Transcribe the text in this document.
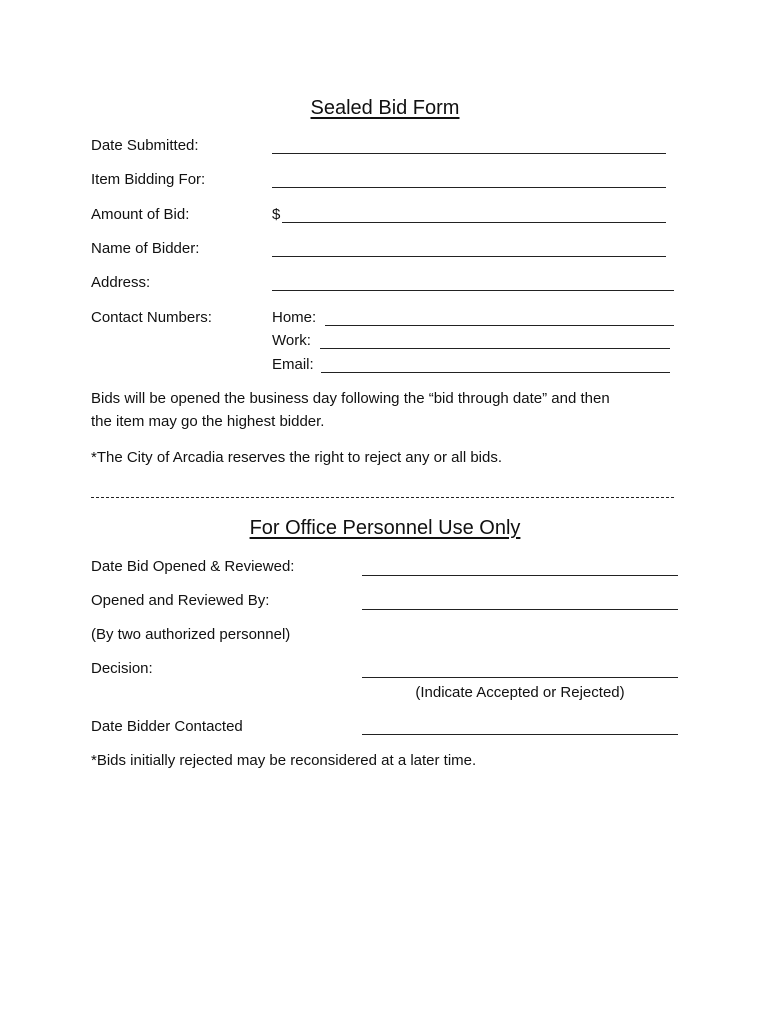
Sealed Bid Form
Date Submitted:
Item Bidding For:
Amount of Bid:	$
Name of Bidder:
Address:
Contact Numbers:	Home:
Work:
Email:
Bids will be opened the business day following the “bid through date” and then
the item may go the highest bidder.
*The City of Arcadia reserves the right to reject any or all bids.
For Office Personnel Use Only
Date Bid Opened & Reviewed:
Opened and Reviewed By:
(By two authorized personnel)
Decision:
(Indicate Accepted or Rejected)
Date Bidder Contacted
*Bids initially rejected may be reconsidered at a later time.
